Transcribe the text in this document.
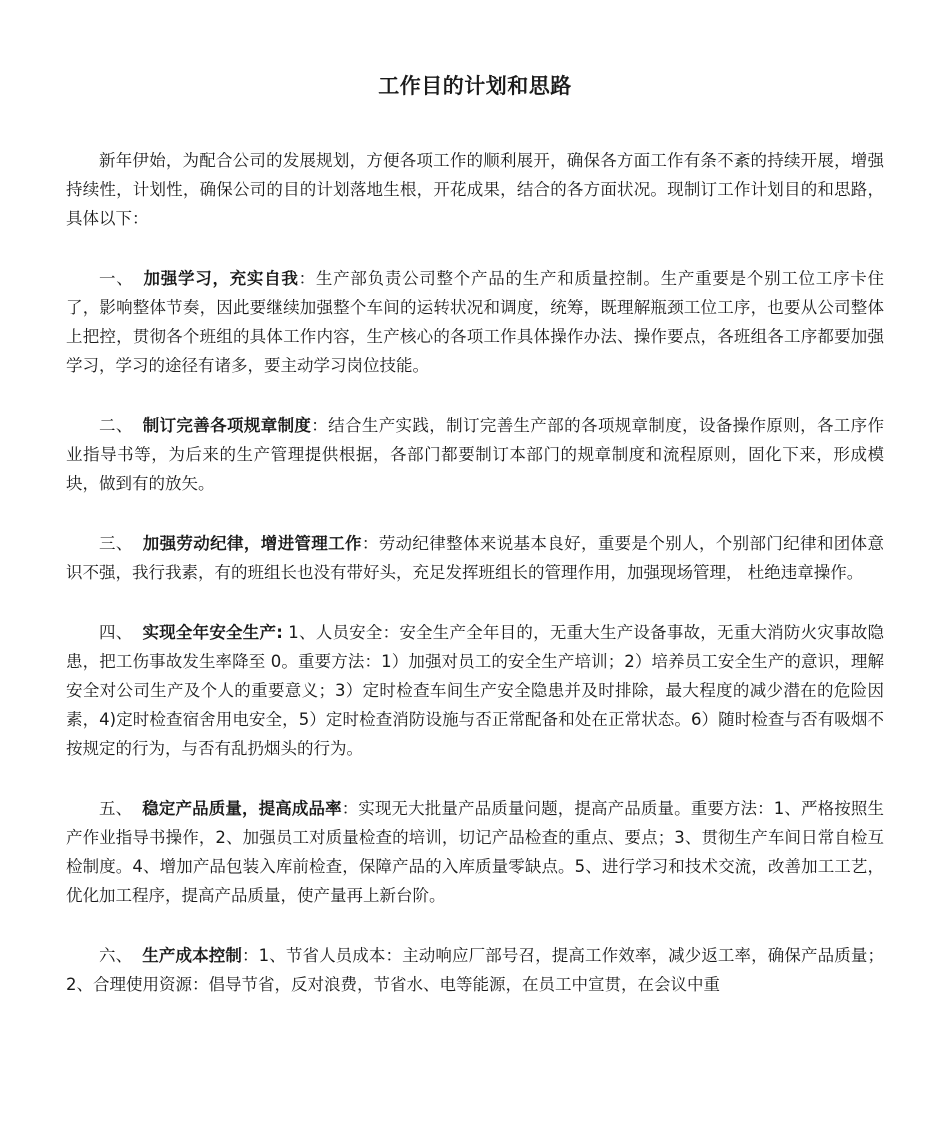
工作目的计划和思路

新年伊始，为配合公司的发展规划，方便各项工作的顺利展开，确保各方面工作有条不紊的持续开展，增强持续性，计划性，确保公司的目的计划落地生根，开花成果，结合的各方面状况。现制订工作计划目的和思路，具体以下：

一、 加强学习，充实自我：生产部负责公司整个产品的生产和质量控制。生产重要是个别工位工序卡住了，影响整体节奏，因此要继续加强整个车间的运转状况和调度，统筹，既理解瓶颈工位工序，也要从公司整体上把控，贯彻各个班组的具体工作内容，生产核心的各项工作具体操作办法、操作要点，各班组各工序都要加强学习，学习的途径有诸多，要主动学习岗位技能。

二、 制订完善各项规章制度：结合生产实践，制订完善生产部的各项规章制度，设备操作原则，各工序作业指导书等，为后来的生产管理提供根据，各部门都要制订本部门的规章制度和流程原则，固化下来，形成模块，做到有的放矢。

三、 加强劳动纪律，增进管理工作：劳动纪律整体来说基本良好，重要是个别人，个别部门纪律和团体意识不强，我行我素，有的班组长也没有带好头，充足发挥班组长的管理作用，加强现场管理， 杜绝违章操作。

四、 实现全年安全生产: 1、人员安全：安全生产全年目的，无重大生产设备事故，无重大消防火灾事故隐患，把工伤事故发生率降至 0。重要方法：1）加强对员工的安全生产培训；2）培养员工安全生产的意识，理解安全对公司生产及个人的重要意义；3）定时检查车间生产安全隐患并及时排除，最大程度的减少潜在的危险因素，4)定时检查宿舍用电安全，5）定时检查消防设施与否正常配备和处在正常状态。6）随时检查与否有吸烟不按规定的行为，与否有乱扔烟头的行为。

五、 稳定产品质量，提高成品率：实现无大批量产品质量问题，提高产品质量。重要方法：1、严格按照生产作业指导书操作，2、加强员工对质量检查的培训，切记产品检查的重点、要点；3、贯彻生产车间日常自检互检制度。4、增加产品包装入库前检查，保障产品的入库质量零缺点。5、进行学习和技术交流，改善加工工艺，优化加工程序，提高产品质量，使产量再上新台阶。

六、 生产成本控制：1、节省人员成本：主动响应厂部号召，提高工作效率，减少返工率，确保产品质量；2、合理使用资源：倡导节省，反对浪费，节省水、电等能源，在员工中宣贯，在会议中重
